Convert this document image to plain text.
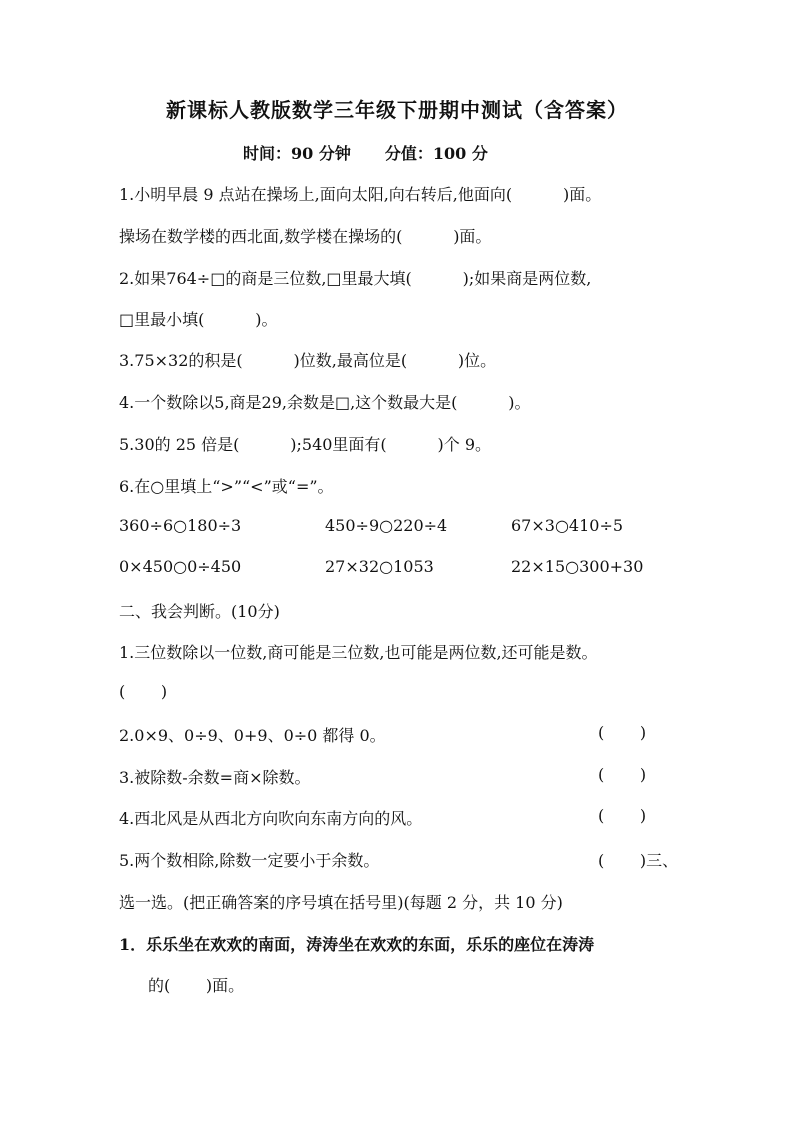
新课标人教版数学三年级下册期中测试（含答案）
时间：90 分钟 分值：100 分
1.小明早晨 9 点站在操场上,面向太阳,向右转后,他面向(          )面。
操场在数学楼的西北面,数学楼在操场的(          )面。
2.如果764÷□的商是三位数,□里最大填(          );如果商是两位数,
□里最小填(          )。
3.75×32的积是(          )位数,最高位是(          )位。
4.一个数除以5,商是29,余数是□,这个数最大是(          )。
5.30的 25 倍是(          );540里面有(          )个 9。
6.在○里填上“>”“<”或“=”。
360÷6○180÷3	450÷9○220÷4	67×3○410÷5
0×450○0÷450	27×32○1053	22×15○300+30
二、我会判断。(10分)
1.三位数除以一位数,商可能是三位数,也可能是两位数,还可能是数。
(       )
2.0×9、0÷9、0+9、0÷0 都得 0。	(       )
3.被除数-余数=商×除数。	(       )
4.西北风是从西北方向吹向东南方向的风。	(       )
5.两个数相除,除数一定要小于余数。	(       )三、
选一选。(把正确答案的序号填在括号里)(每题 2 分，共 10 分)
1．乐乐坐在欢欢的南面，涛涛坐在欢欢的东面，乐乐的座位在涛涛
的(       )面。
